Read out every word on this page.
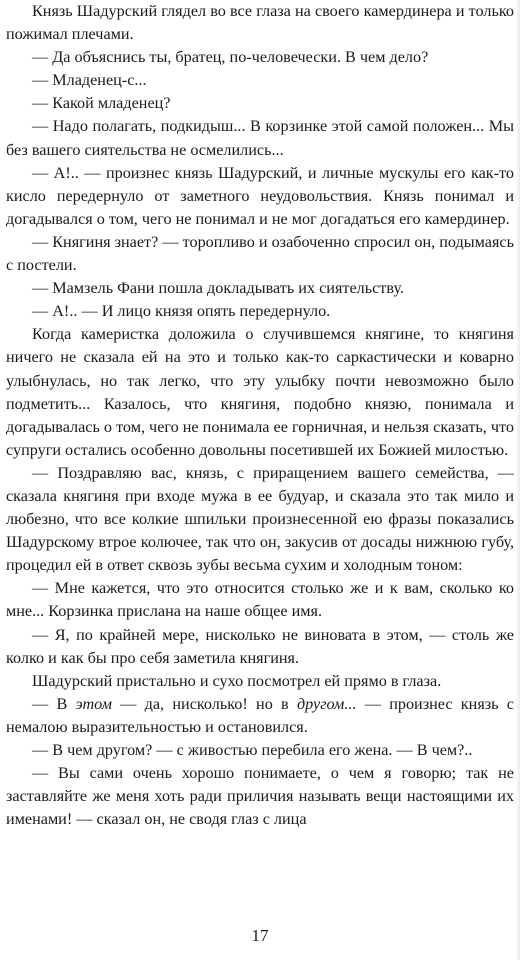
Князь Шадурский глядел во все глаза на своего камердинера и только пожимал плечами.

— Да объяснись ты, братец, по-человечески. В чем дело?

— Младенец-с...

— Какой младенец?

— Надо полагать, подкидыш... В корзинке этой самой положен... Мы без вашего сиятельства не осмелились...

— А!.. — произнес князь Шадурский, и личные мускулы его как-то кисло передернуло от заметного неудовольствия. Князь понимал и догадывался о том, чего не понимал и не мог догадаться его камердинер.

— Княгиня знает? — торопливо и озабоченно спросил он, подымаясь с постели.

— Мамзель Фани пошла докладывать их сиятельству.

— А!.. — И лицо князя опять передернуло.

Когда камеристка доложила о случившемся княгине, то княгиня ничего не сказала ей на это и только как-то саркастически и коварно улыбнулась, но так легко, что эту улыбку почти невозможно было подметить... Казалось, что княгиня, подобно князю, понимала и догадывалась о том, чего не понимала ее горничная, и нельзя сказать, что супруги остались особенно довольны посетившей их Божией милостью.

— Поздравляю вас, князь, с приращением вашего семейства, — сказала княгиня при входе мужа в ее будуар, и сказала это так мило и любезно, что все колкие шпильки произнесенной ею фразы показались Шадурскому втрое колючее, так что он, закусив от досады нижнюю губу, процедил ей в ответ сквозь зубы весьма сухим и холодным тоном:

— Мне кажется, что это относится столько же и к вам, сколько ко мне... Корзинка прислана на наше общее имя.

— Я, по крайней мере, нисколько не виновата в этом, — столь же колко и как бы про себя заметила княгиня.

Шадурский пристально и сухо посмотрел ей прямо в глаза.

— В этом — да, нисколько! но в другом... — произнес князь с немалою выразительностью и остановился.

— В чем другом? — с живостью перебила его жена. — В чем?..

— Вы сами очень хорошо понимаете, о чем я говорю; так не заставляйте же меня хоть ради приличия называть вещи настоящими их именами! — сказал он, не сводя глаз с лица

17
